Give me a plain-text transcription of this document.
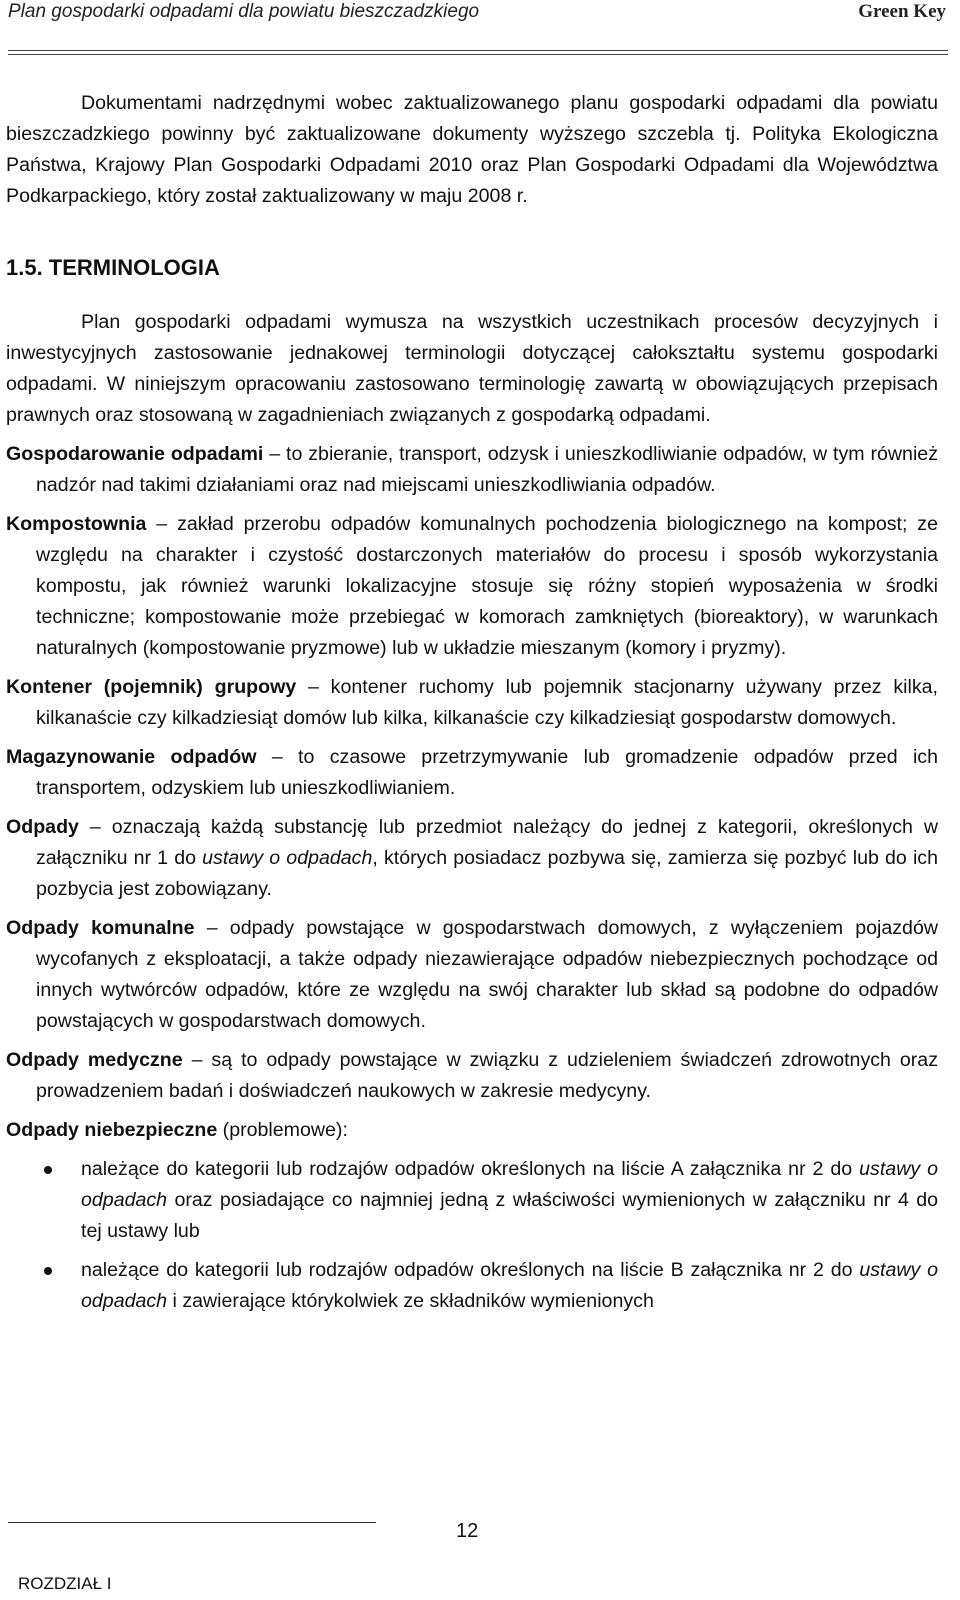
Plan gospodarki odpadami dla powiatu bieszczadzkiego	Green Key

Dokumentami nadrzędnymi wobec zaktualizowanego planu gospodarki odpadami dla powiatu bieszczadzkiego powinny być zaktualizowane dokumenty wyższego szczebla tj. Polityka Ekologiczna Państwa, Krajowy Plan Gospodarki Odpadami 2010 oraz Plan Gospodarki Odpadami dla Województwa Podkarpackiego, który został zaktualizowany w maju 2008 r.

1.5. TERMINOLOGIA

Plan gospodarki odpadami wymusza na wszystkich uczestnikach procesów decyzyjnych i inwestycyjnych zastosowanie jednakowej terminologii dotyczącej całokształtu systemu gospodarki odpadami. W niniejszym opracowaniu zastosowano terminologię zawartą w obowiązujących przepisach prawnych oraz stosowaną w zagadnieniach związanych z gospodarką odpadami.

Gospodarowanie odpadami – to zbieranie, transport, odzysk i unieszkodliwianie odpadów, w tym również nadzór nad takimi działaniami oraz nad miejscami unieszkodliwiania odpadów.

Kompostownia – zakład przerobu odpadów komunalnych pochodzenia biologicznego na kompost; ze względu na charakter i czystość dostarczonych materiałów do procesu i sposób wykorzystania kompostu, jak również warunki lokalizacyjne stosuje się różny stopień wyposażenia w środki techniczne; kompostowanie może przebiegać w komorach zamkniętych (bioreaktory), w warunkach naturalnych (kompostowanie pryzmowe) lub w układzie mieszanym (komory i pryzmy).

Kontener (pojemnik) grupowy – kontener ruchomy lub pojemnik stacjonarny używany przez kilka, kilkanaście czy kilkadziesiąt domów lub kilka, kilkanaście czy kilkadziesiąt gospodarstw domowych.

Magazynowanie odpadów – to czasowe przetrzymywanie lub gromadzenie odpadów przed ich transportem, odzyskiem lub unieszkodliwianiem.

Odpady – oznaczają każdą substancję lub przedmiot należący do jednej z kategorii, określonych w załączniku nr 1 do ustawy o odpadach, których posiadacz pozbywa się, zamierza się pozbyć lub do ich pozbycia jest zobowiązany.

Odpady komunalne – odpady powstające w gospodarstwach domowych, z wyłączeniem pojazdów wycofanych z eksploatacji, a także odpady niezawierające odpadów niebezpiecznych pochodzące od innych wytwórców odpadów, które ze względu na swój charakter lub skład są podobne do odpadów powstających w gospodarstwach domowych.

Odpady medyczne – są to odpady powstające w związku z udzieleniem świadczeń zdrowotnych oraz prowadzeniem badań i doświadczeń naukowych w zakresie medycyny.

Odpady niebezpieczne (problemowe):

należące do kategorii lub rodzajów odpadów określonych na liście A załącznika nr 2 do ustawy o odpadach oraz posiadające co najmniej jedną z właściwości wymienionych w załączniku nr 4 do tej ustawy lub
należące do kategorii lub rodzajów odpadów określonych na liście B załącznika nr 2 do ustawy o odpadach i zawierające którykolwiek ze składników wymienionych
12
ROZDZIAŁ I
